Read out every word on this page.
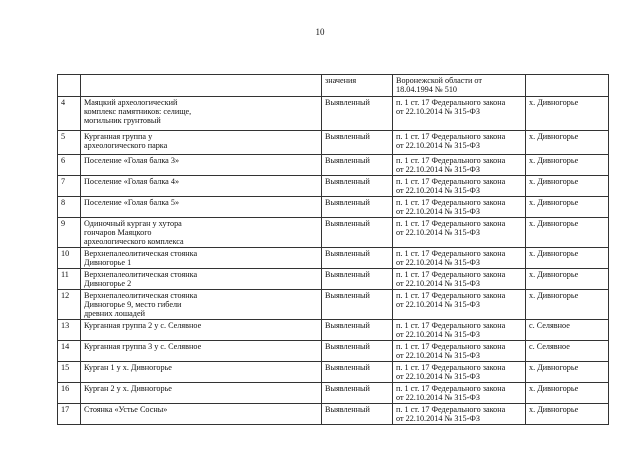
10
		значения	Воронежской области от
18.04.1994 № 510	
4	Маяцкий археологический
комплекс памятников: селище,
могильник грунтовый	Выявленный	п. 1 ст. 17 Федерального закона
от 22.10.2014 № 315-ФЗ	х. Дивногорье
5	Курганная группа у
археологического парка	Выявленный	п. 1 ст. 17 Федерального закона
от 22.10.2014 № 315-ФЗ	х. Дивногорье
6	Поселение «Голая балка 3»	Выявленный	п. 1 ст. 17 Федерального закона
от 22.10.2014 № 315-ФЗ	х. Дивногорье
7	Поселение «Голая балка 4»	Выявленный	п. 1 ст. 17 Федерального закона
от 22.10.2014 № 315-ФЗ	х. Дивногорье
8	Поселение «Голая балка 5»	Выявленный	п. 1 ст. 17 Федерального закона
от 22.10.2014 № 315-ФЗ	х. Дивногорье
9	Одиночный курган у хутора
гончаров Маяцкого
археологического комплекса	Выявленный	п. 1 ст. 17 Федерального закона
от 22.10.2014 № 315-ФЗ	х. Дивногорье
10	Верхнепалеолитическая стоянка
Дивногорье 1	Выявленный	п. 1 ст. 17 Федерального закона
от 22.10.2014 № 315-ФЗ	х. Дивногорье
11	Верхнепалеолитическая стоянка
Дивногорье 2	Выявленный	п. 1 ст. 17 Федерального закона
от 22.10.2014 № 315-ФЗ	х. Дивногорье
12	Верхнепалеолитическая стоянка
Дивногорье 9, место гибели
древних лошадей	Выявленный	п. 1 ст. 17 Федерального закона
от 22.10.2014 № 315-ФЗ	х. Дивногорье
13	Курганная группа 2 у с. Селявное	Выявленный	п. 1 ст. 17 Федерального закона
от 22.10.2014 № 315-ФЗ	с. Селявное
14	Курганная группа 3 у с. Селявное	Выявленный	п. 1 ст. 17 Федерального закона
от 22.10.2014 № 315-ФЗ	с. Селявное
15	Курган 1 у х. Дивногорье	Выявленный	п. 1 ст. 17 Федерального закона
от 22.10.2014 № 315-ФЗ	х. Дивногорье
16	Курган 2 у х. Дивногорье	Выявленный	п. 1 ст. 17 Федерального закона
от 22.10.2014 № 315-ФЗ	х. Дивногорье
17	Стоянка «Устье Сосны»	Выявленный	п. 1 ст. 17 Федерального закона
от 22.10.2014 № 315-ФЗ	х. Дивногорье
